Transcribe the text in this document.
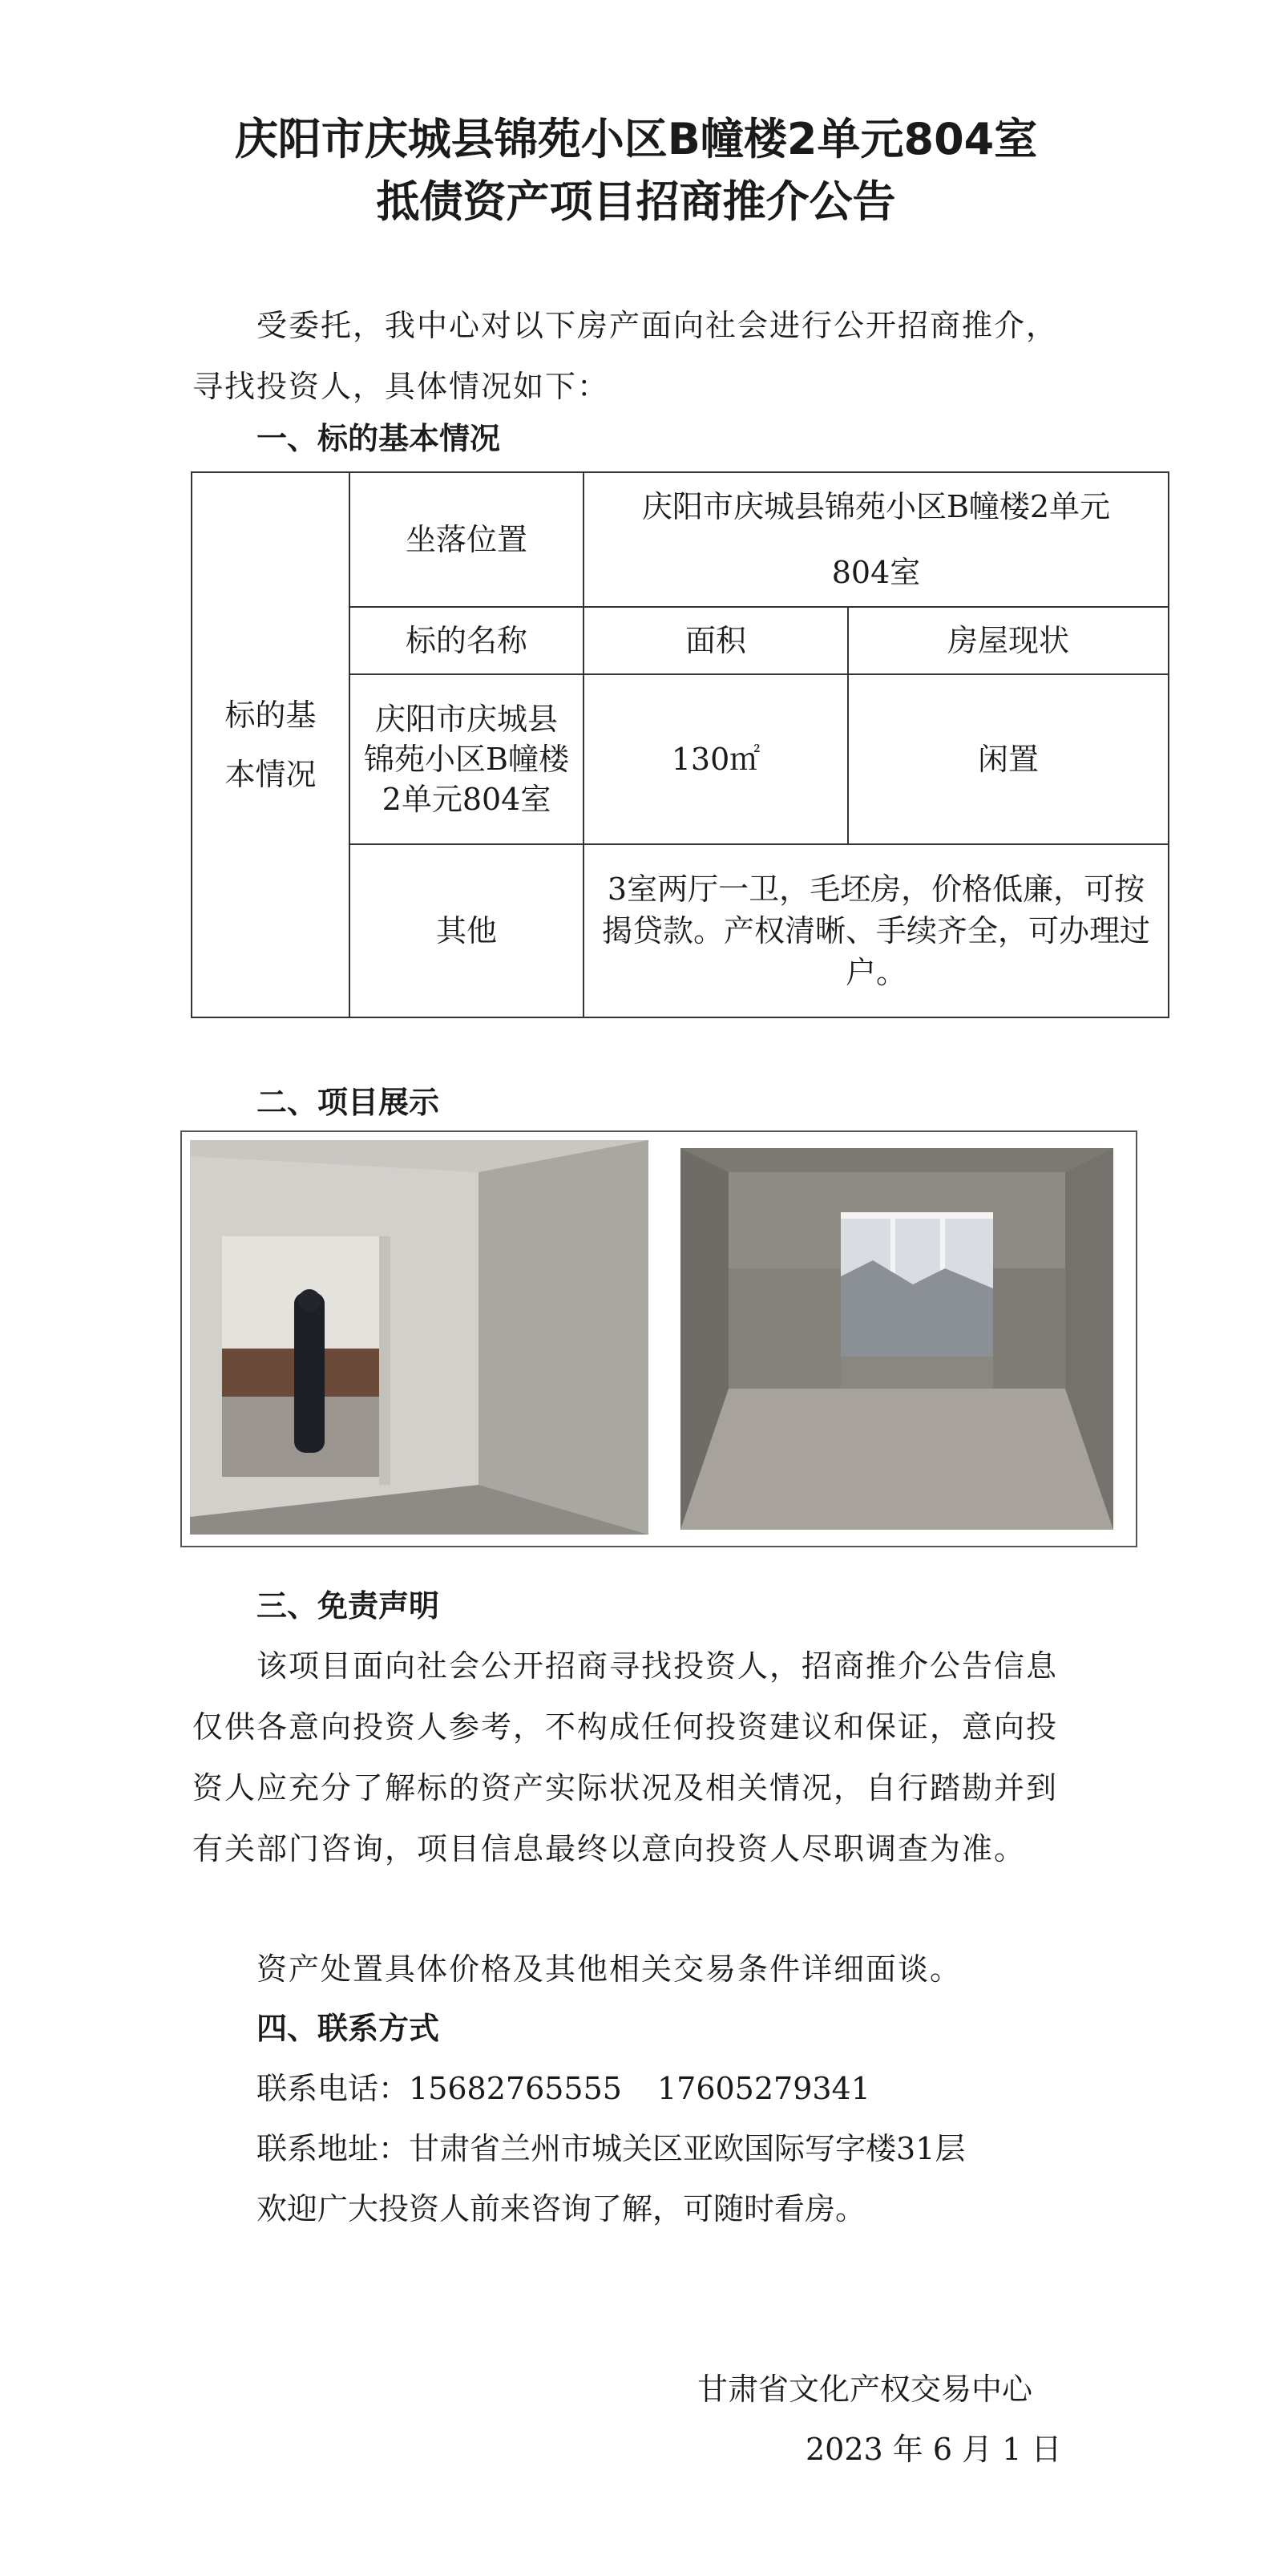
庆阳市庆城县锦苑小区B幢楼2单元804室
抵债资产项目招商推介公告
受委托，我中心对以下房产面向社会进行公开招商推介，寻找投资人，具体情况如下：
一、标的基本情况
标的基本情况	坐落位置	庆阳市庆城县锦苑小区B幢楼2单元804室	
	标的名称	面积	房屋现状
	庆阳市庆城县锦苑小区B幢楼2单元804室	130㎡	闲置
	其他	3室两厅一卫，毛坯房，价格低廉，可按揭贷款。产权清晰、手续齐全，可办理过户。	
二、项目展示
三、免责声明
该项目面向社会公开招商寻找投资人，招商推介公告信息仅供各意向投资人参考，不构成任何投资建议和保证，意向投资人应充分了解标的资产实际状况及相关情况，自行踏勘并到有关部门咨询，项目信息最终以意向投资人尽职调查为准。
资产处置具体价格及其他相关交易条件详细面谈。
四、联系方式
联系电话：15682765555 17605279341
联系地址：甘肃省兰州市城关区亚欧国际写字楼31层
欢迎广大投资人前来咨询了解，可随时看房。
甘肃省文化产权交易中心
2023 年 6 月 1 日
